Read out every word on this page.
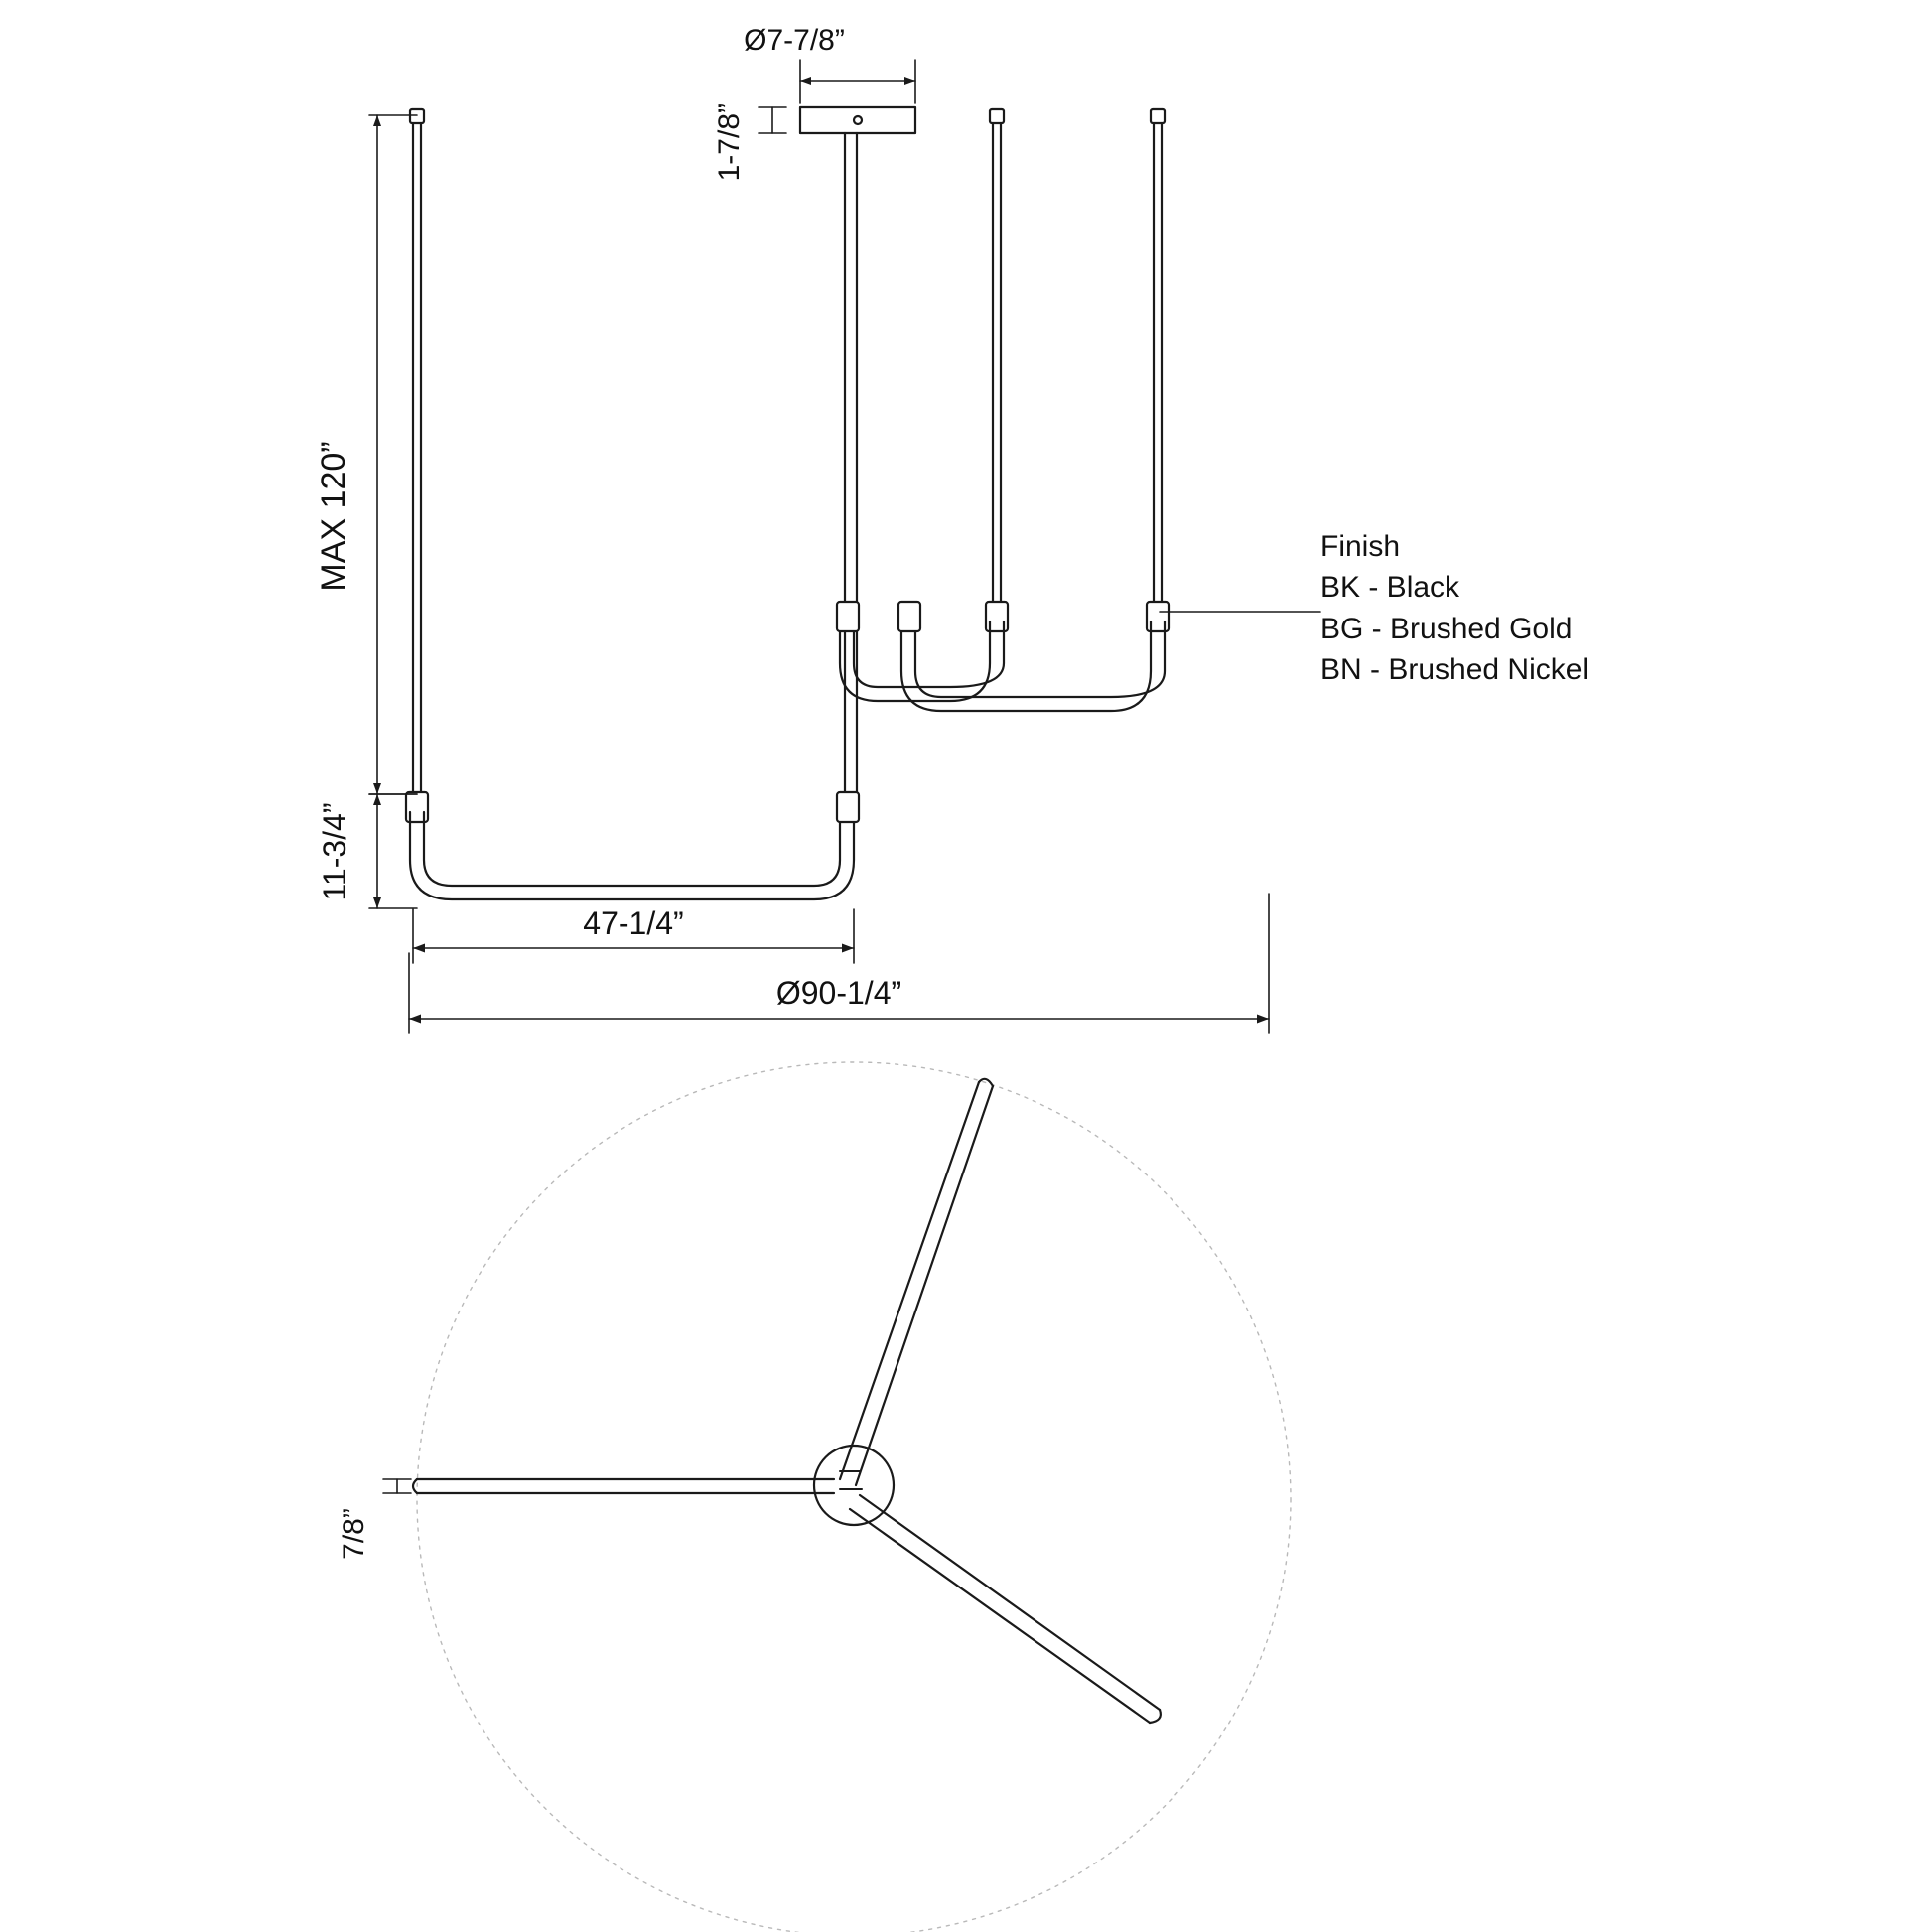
Ø7-7/8”
1-7/8”
MAX 120”
11-3/4”
47-1/4”
Ø90-1/4”
7/8”
Finish
BK - Black
BG - Brushed Gold
BN - Brushed Nickel
